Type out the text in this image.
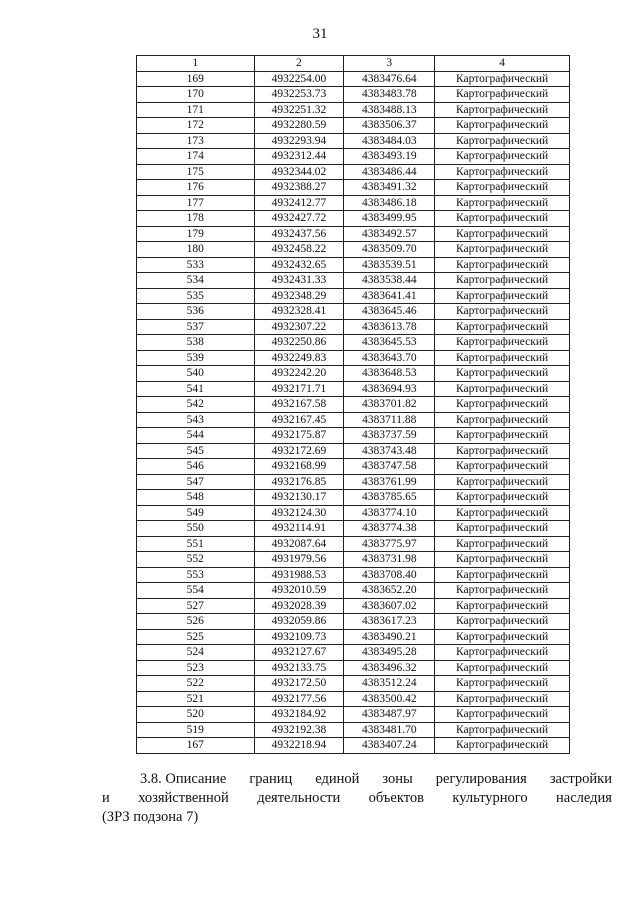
31
1	2	3	4
169	4932254.00	4383476.64	Картографический
170	4932253.73	4383483.78	Картографический
171	4932251.32	4383488.13	Картографический
172	4932280.59	4383506.37	Картографический
173	4932293.94	4383484.03	Картографический
174	4932312.44	4383493.19	Картографический
175	4932344.02	4383486.44	Картографический
176	4932388.27	4383491.32	Картографический
177	4932412.77	4383486.18	Картографический
178	4932427.72	4383499.95	Картографический
179	4932437.56	4383492.57	Картографический
180	4932458.22	4383509.70	Картографический
533	4932432.65	4383539.51	Картографический
534	4932431.33	4383538.44	Картографический
535	4932348.29	4383641.41	Картографический
536	4932328.41	4383645.46	Картографический
537	4932307.22	4383613.78	Картографический
538	4932250.86	4383645.53	Картографический
539	4932249.83	4383643.70	Картографический
540	4932242.20	4383648.53	Картографический
541	4932171.71	4383694.93	Картографический
542	4932167.58	4383701.82	Картографический
543	4932167.45	4383711.88	Картографический
544	4932175.87	4383737.59	Картографический
545	4932172.69	4383743.48	Картографический
546	4932168.99	4383747.58	Картографический
547	4932176.85	4383761.99	Картографический
548	4932130.17	4383785.65	Картографический
549	4932124.30	4383774.10	Картографический
550	4932114.91	4383774.38	Картографический
551	4932087.64	4383775.97	Картографический
552	4931979.56	4383731.98	Картографический
553	4931988.53	4383708.40	Картографический
554	4932010.59	4383652.20	Картографический
527	4932028.39	4383607.02	Картографический
526	4932059.86	4383617.23	Картографический
525	4932109.73	4383490.21	Картографический
524	4932127.67	4383495.28	Картографический
523	4932133.75	4383496.32	Картографический
522	4932172.50	4383512.24	Картографический
521	4932177.56	4383500.42	Картографический
520	4932184.92	4383487.97	Картографический
519	4932192.38	4383481.70	Картографический
167	4932218.94	4383407.24	Картографический
3.8. Описание границ единой зоны регулирования застройки
и хозяйственной деятельности объектов культурного наследия
(ЗРЗ подзона 7)
